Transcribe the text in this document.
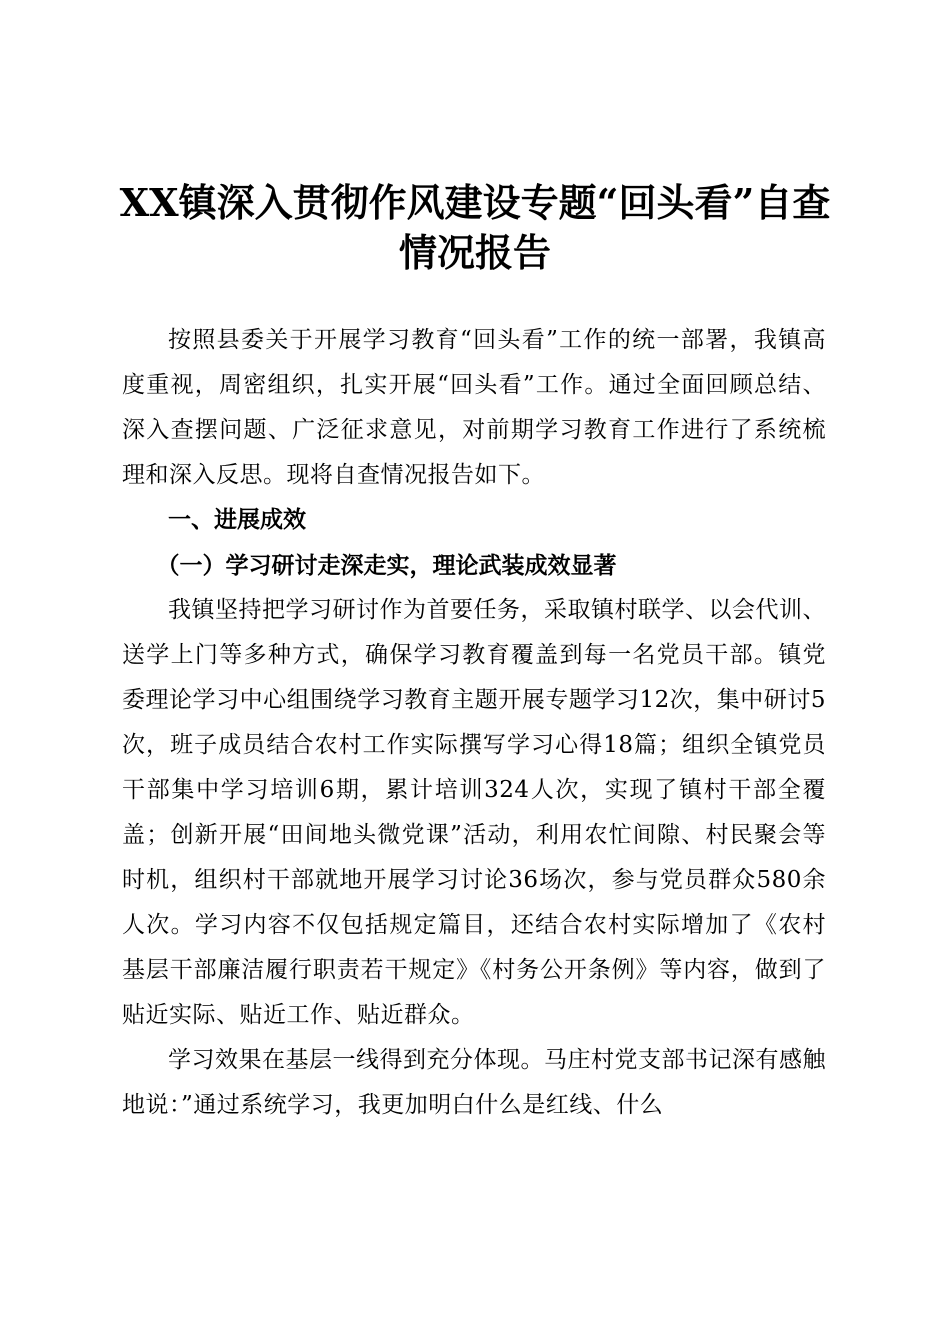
XX镇深入贯彻作风建设专题“回头看”自查
情况报告

按照县委关于开展学习教育“回头看”工作的统一部署，我镇高度重视，周密组织，扎实开展“回头看”工作。通过全面回顾总结、深入查摆问题、广泛征求意见，对前期学习教育工作进行了系统梳理和深入反思。现将自查情况报告如下。

一、进展成效

（一）学习研讨走深走实，理论武装成效显著

我镇坚持把学习研讨作为首要任务，采取镇村联学、以会代训、送学上门等多种方式，确保学习教育覆盖到每一名党员干部。镇党委理论学习中心组围绕学习教育主题开展专题学习12次，集中研讨5次，班子成员结合农村工作实际撰写学习心得18篇；组织全镇党员干部集中学习培训6期，累计培训324人次，实现了镇村干部全覆盖；创新开展“田间地头微党课”活动，利用农忙间隙、村民聚会等时机，组织村干部就地开展学习讨论36场次，参与党员群众580余人次。学习内容不仅包括规定篇目，还结合农村实际增加了《农村基层干部廉洁履行职责若干规定》《村务公开条例》等内容，做到了贴近实际、贴近工作、贴近群众。

学习效果在基层一线得到充分体现。马庄村党支部书记深有感触地说：”通过系统学习，我更加明白什么是红线、什么
